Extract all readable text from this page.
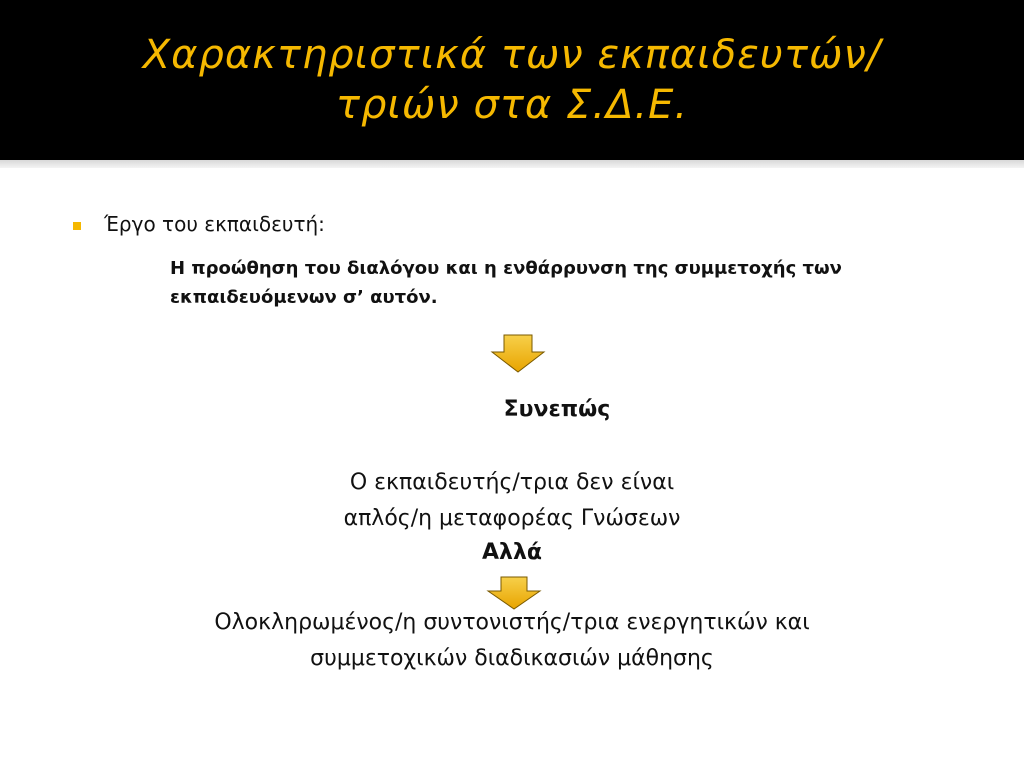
Χαρακτηριστικά των εκπαιδευτών/
τριών στα Σ.Δ.Ε.
Έργο του εκπαιδευτή:
Η προώθηση του διαλόγου και η ενθάρρυνση της συμμετοχής των
εκπαιδευόμενων σ’ αυτόν.
Συνεπώς
Ο εκπαιδευτής/τρια δεν είναι
απλός/η μεταφορέας Γνώσεων
Αλλά
Ολοκληρωμένος/η συντονιστής/τρια ενεργητικών και
συμμετοχικών διαδικασιών μάθησης
